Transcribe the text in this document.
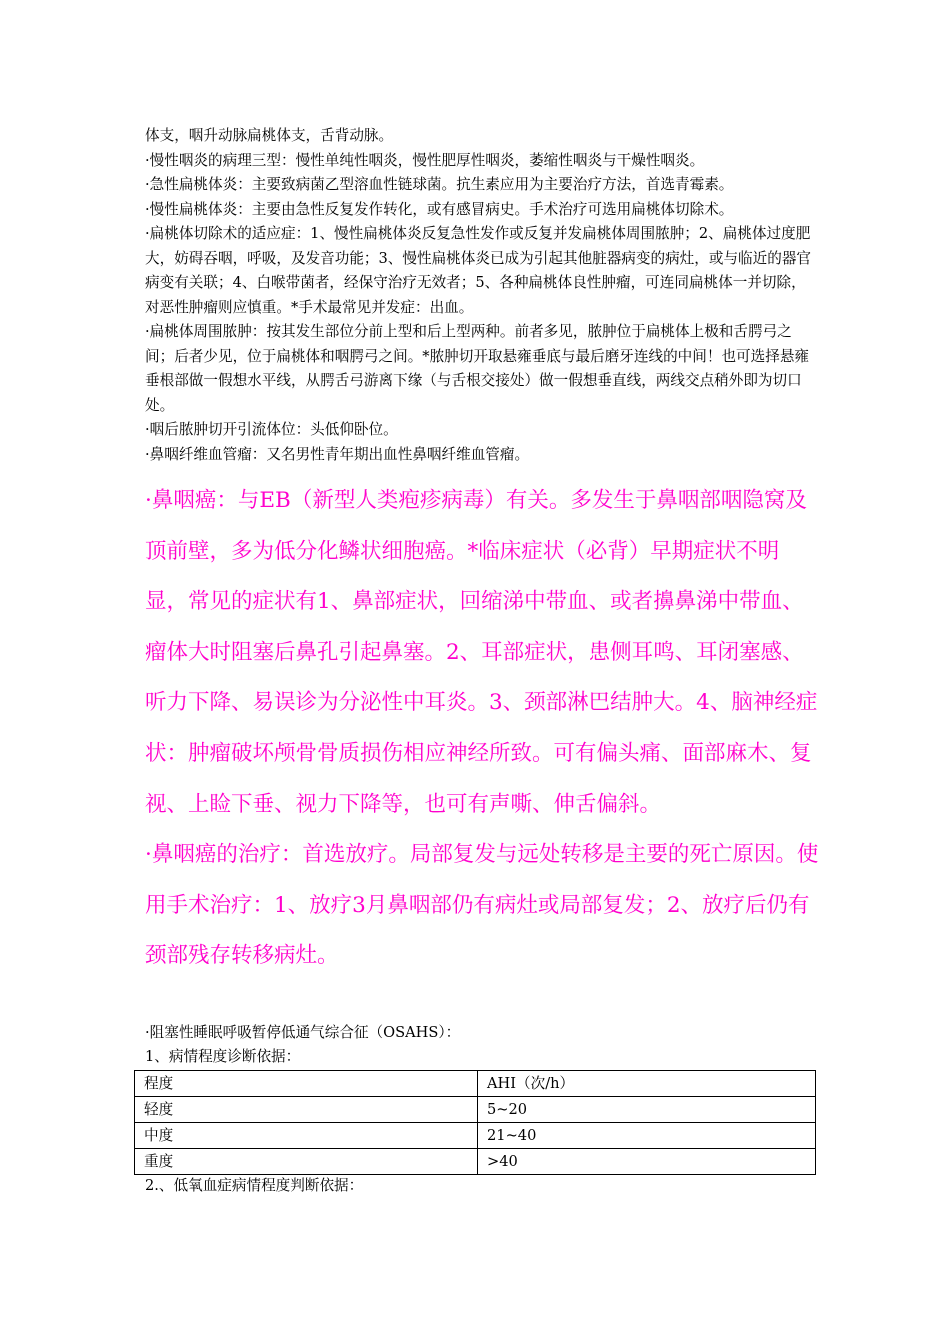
体支，咽升动脉扁桃体支，舌背动脉。

·慢性咽炎的病理三型：慢性单纯性咽炎，慢性肥厚性咽炎，萎缩性咽炎与干燥性咽炎。

·急性扁桃体炎：主要致病菌乙型溶血性链球菌。抗生素应用为主要治疗方法，首选青霉素。

·慢性扁桃体炎：主要由急性反复发作转化，或有感冒病史。手术治疗可选用扁桃体切除术。

·扁桃体切除术的适应症：1、慢性扁桃体炎反复急性发作或反复并发扁桃体周围脓肿；2、扁桃体过度肥大，妨碍吞咽，呼吸，及发音功能；3、慢性扁桃体炎已成为引起其他脏器病变的病灶，或与临近的器官病变有关联；4、白喉带菌者，经保守治疗无效者；5、各种扁桃体良性肿瘤，可连同扁桃体一并切除，对恶性肿瘤则应慎重。*手术最常见并发症：出血。

·扁桃体周围脓肿：按其发生部位分前上型和后上型两种。前者多见，脓肿位于扁桃体上极和舌腭弓之间；后者少见，位于扁桃体和咽腭弓之间。*脓肿切开取悬雍垂底与最后磨牙连线的中间！也可选择悬雍垂根部做一假想水平线，从腭舌弓游离下缘（与舌根交接处）做一假想垂直线，两线交点稍外即为切口处。

·咽后脓肿切开引流体位：头低仰卧位。

·鼻咽纤维血管瘤：又名男性青年期出血性鼻咽纤维血管瘤。

·鼻咽癌：与EB（新型人类疱疹病毒）有关。多发生于鼻咽部咽隐窝及顶前壁，多为低分化鳞状细胞癌。*临床症状（必背）早期症状不明显，常见的症状有1、鼻部症状，回缩涕中带血、或者擤鼻涕中带血、瘤体大时阻塞后鼻孔引起鼻塞。2、耳部症状，患侧耳鸣、耳闭塞感、听力下降、易误诊为分泌性中耳炎。3、颈部淋巴结肿大。4、脑神经症状：肿瘤破坏颅骨骨质损伤相应神经所致。可有偏头痛、面部麻木、复视、上睑下垂、视力下降等，也可有声嘶、伸舌偏斜。

·鼻咽癌的治疗：首选放疗。局部复发与远处转移是主要的死亡原因。使用手术治疗：1、放疗3月鼻咽部仍有病灶或局部复发；2、放疗后仍有颈部残存转移病灶。

·阻塞性睡眠呼吸暂停低通气综合征（OSAHS）：

1、病情程度诊断依据：

程度	AHI（次/h）
轻度	5~20
中度	21~40
重度	>40

2.、低氧血症病情程度判断依据：
